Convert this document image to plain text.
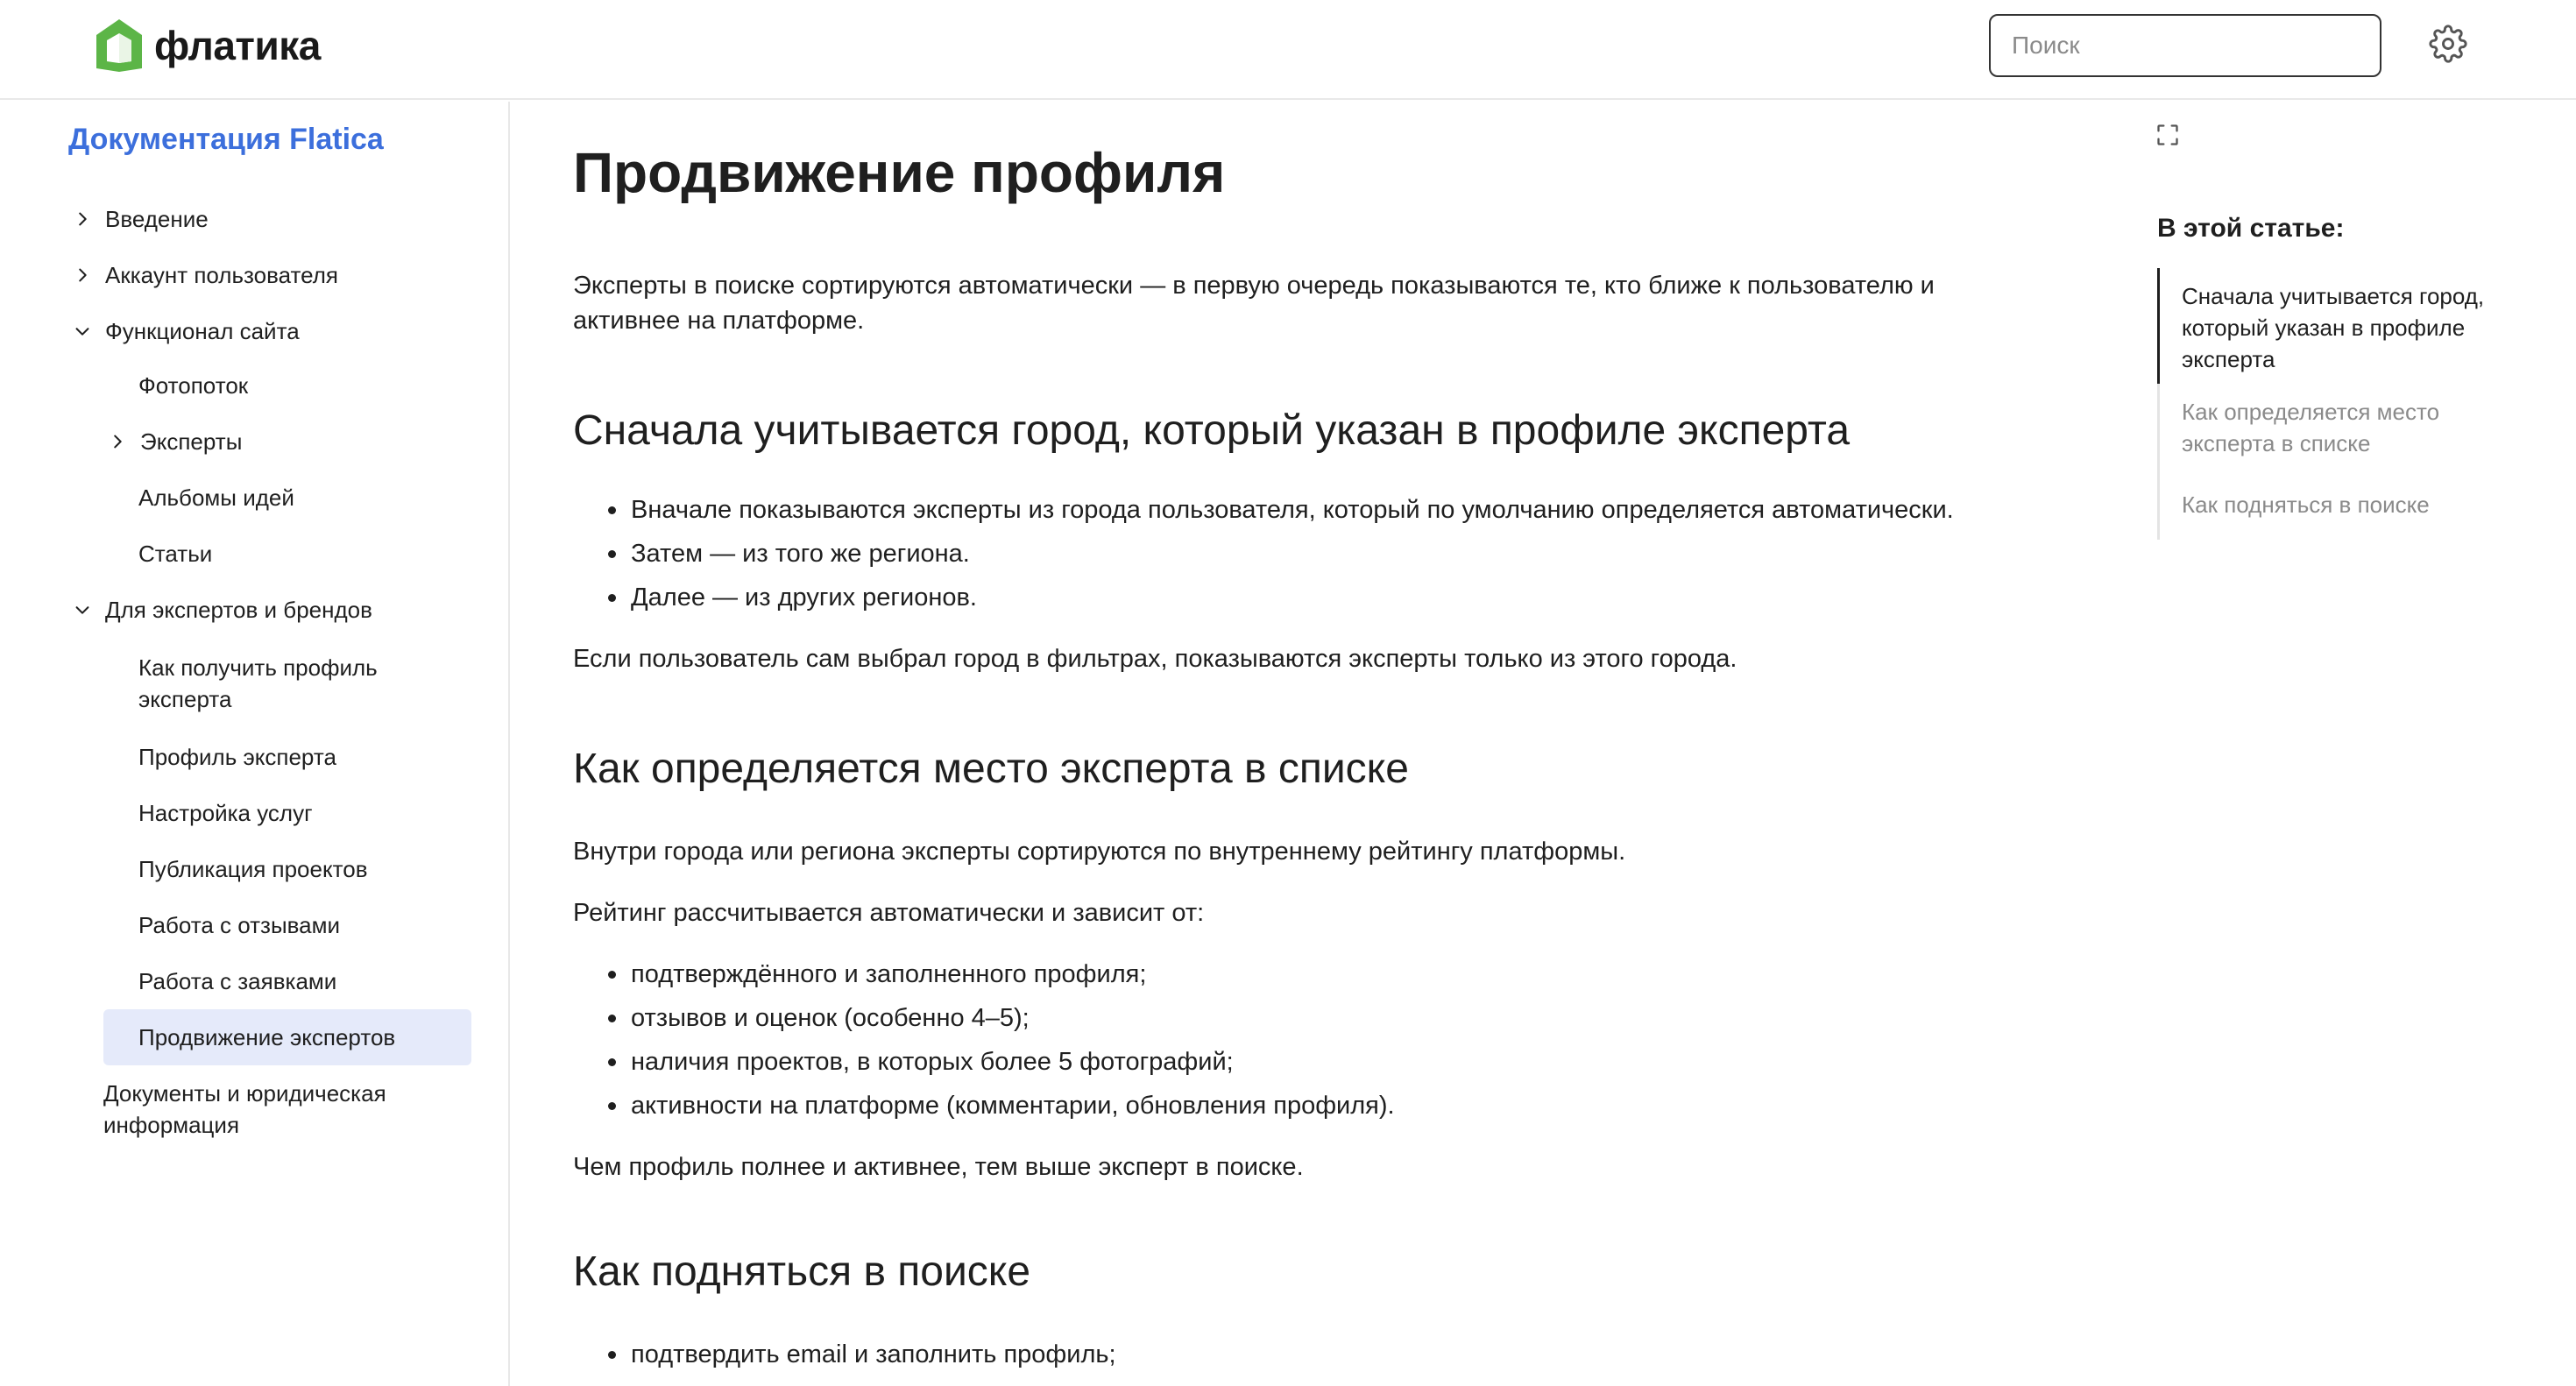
флатика
Поиск
Документация Flatica
Введение
Аккаунт пользователя
Функционал сайта
Фотопоток
Эксперты
Альбомы идей
Статьи
Для экспертов и брендов
Как получить профиль эксперта
Профиль эксперта
Настройка услуг
Публикация проектов
Работа с отзывами
Работа с заявками
Продвижение экспертов
Документы и юридическая информация
Продвижение профиля

Эксперты в поиске сортируются автоматически — в первую очередь показываются те, кто ближе к пользователю и активнее на платформе.

Сначала учитывается город, который указан в профиле эксперта
Вначале показываются эксперты из города пользователя, который по умолчанию определяется автоматически.
Затем — из того же региона.
Далее — из других регионов.

Если пользователь сам выбрал город в фильтрах, показываются эксперты только из этого города.

Как определяется место эксперта в списке

Внутри города или региона эксперты сортируются по внутреннему рейтингу платформы.

Рейтинг рассчитывается автоматически и зависит от:

подтверждённого и заполненного профиля;
отзывов и оценок (особенно 4–5);
наличия проектов, в которых более 5 фотографий;
активности на платформе (комментарии, обновления профиля).

Чем профиль полнее и активнее, тем выше эксперт в поиске.

Как подняться в поиске
подтвердить email и заполнить профиль;
В этой статье:
Сначала учитывается город, который указан в профиле эксперта
Как определяется место эксперта в списке
Как подняться в поиске
